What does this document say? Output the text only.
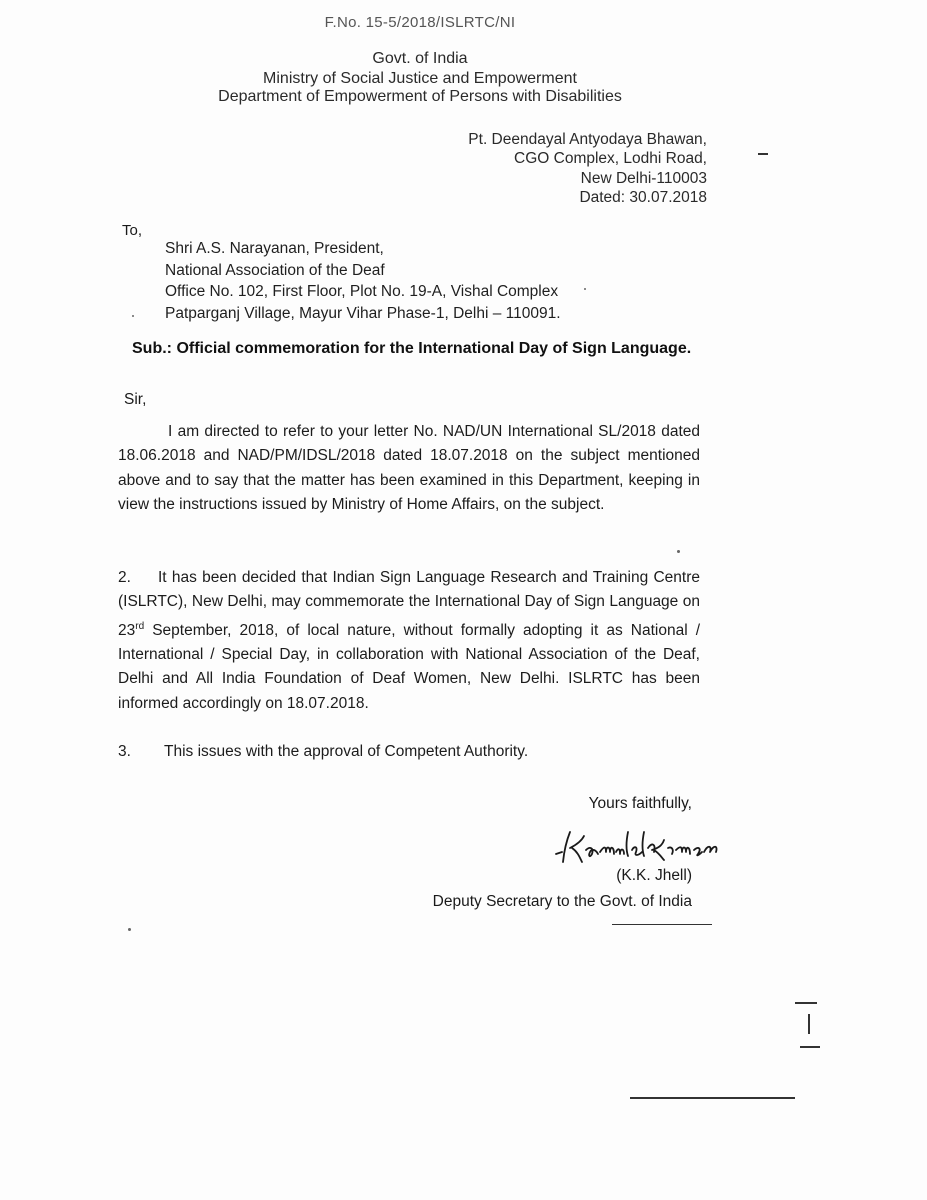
F.No. 15-5/2018/ISLRTC/NI
Govt. of India
Ministry of Social Justice and Empowerment
Department of Empowerment of Persons with Disabilities
Pt. Deendayal Antyodaya Bhawan,
CGO Complex, Lodhi Road,
New Delhi-110003
Dated: 30.07.2018
To,
Shri A.S. Narayanan, President,
National Association of the Deaf
Office No. 102, First Floor, Plot No. 19-A, Vishal Complex
Patparganj Village, Mayur Vihar Phase-1, Delhi – 110091.
Sub.: Official commemoration for the International Day of Sign Language.
Sir,
I am directed to refer to your letter No. NAD/UN International SL/2018 dated 18.06.2018 and NAD/PM/IDSL/2018 dated 18.07.2018 on the subject mentioned above and to say that the matter has been examined in this Department, keeping in view the instructions issued by Ministry of Home Affairs, on the subject.
2. It has been decided that Indian Sign Language Research and Training Centre (ISLRTC), New Delhi, may commemorate the International Day of Sign Language on 23rd September, 2018, of local nature, without formally adopting it as National / International / Special Day, in collaboration with National Association of the Deaf, Delhi and All India Foundation of Deaf Women, New Delhi. ISLRTC has been informed accordingly on 18.07.2018.
3. This issues with the approval of Competent Authority.
Yours faithfully,
(K.K. Jhell)
Deputy Secretary to the Govt. of India
